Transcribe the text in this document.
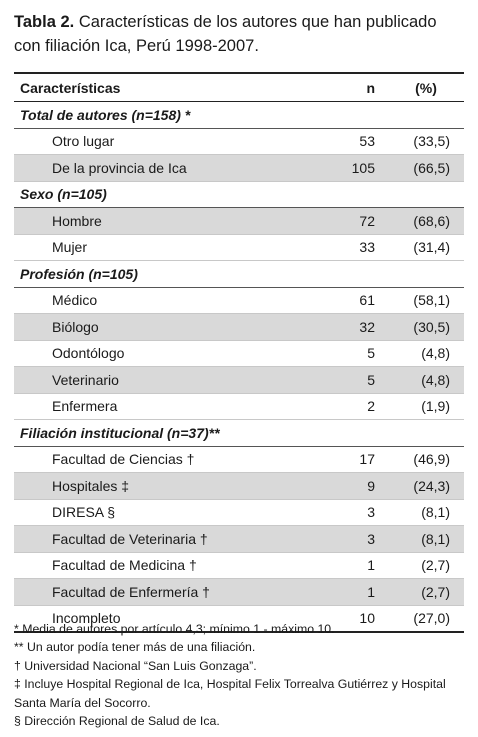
Tabla 2. Características de los autores que han publicado con filiación Ica, Perú 1998-2007.
Características	n	(%)
Total de autores (n=158) *		
Otro lugar	53	(33,5)
De la provincia de Ica	105	(66,5)
Sexo (n=105)		
Hombre	72	(68,6)
Mujer	33	(31,4)
Profesión (n=105)		
Médico	61	(58,1)
Biólogo	32	(30,5)
Odontólogo	5	(4,8)
Veterinario	5	(4,8)
Enfermera	2	(1,9)
Filiación institucional (n=37)**		
Facultad de Ciencias †	17	(46,9)
Hospitales ‡	9	(24,3)
DIRESA §	3	(8,1)
Facultad de Veterinaria †	3	(8,1)
Facultad de Medicina †	1	(2,7)
Facultad de Enfermería †	1	(2,7)
Incompleto	10	(27,0)

* Media de autores por artículo 4,3; mínimo 1 - máximo 10.

** Un autor podía tener más de una filiación.

† Universidad Nacional “San Luis Gonzaga”.

‡ Incluye Hospital Regional de Ica, Hospital Felix Torrealva Gutiérrez y Hospital Santa María del Socorro.

§ Dirección Regional de Salud de Ica.
